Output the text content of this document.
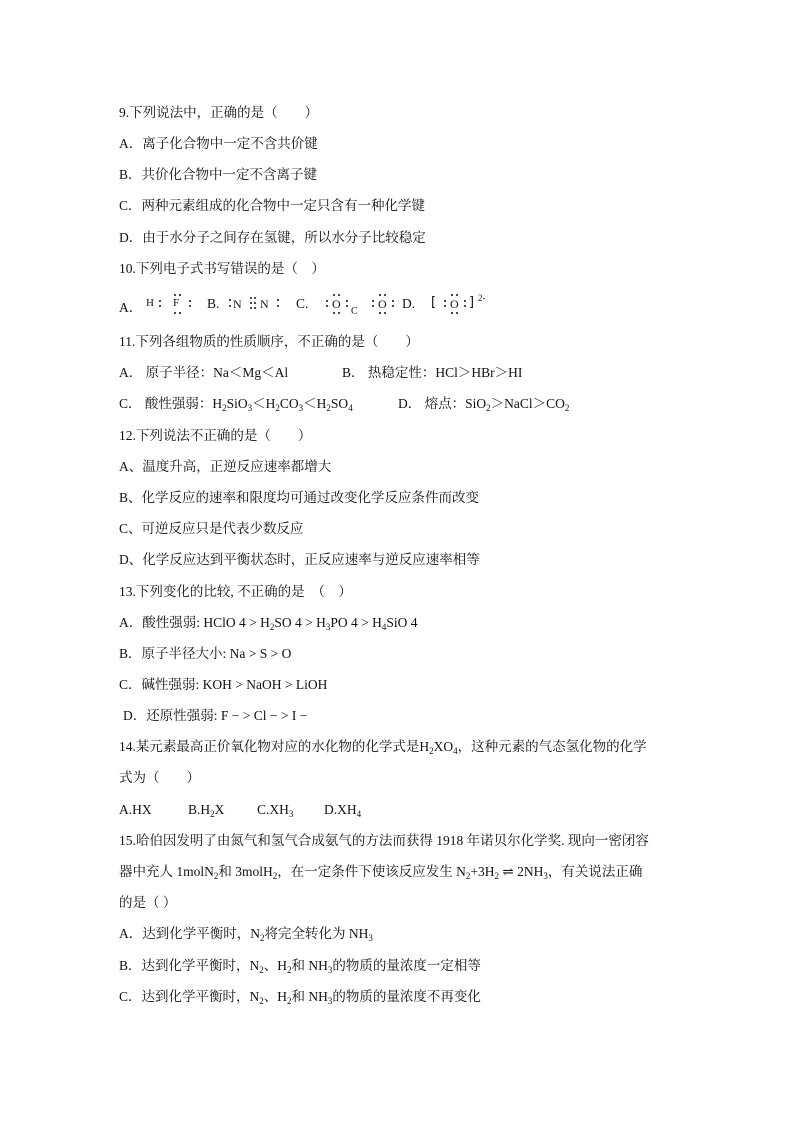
9.下列说法中，正确的是（　　）
A．离子化合物中一定不含共价键
B．共价化合物中一定不含离子键
C．两种元素组成的化合物中一定只含有一种化学键
D．由于水分子之间存在氢键，所以水分子比较稳定
10.下列电子式书写错误的是（　）
A． H F B. N N C. O
C
O D. [ O ] 2-
11.下列各组物质的性质顺序，不正确的是（　　）
A． 原子半径：Na＜Mg＜Al	B． 热稳定性：HCl＞HBr＞HI
C． 酸性强弱：$H_2SiO_3<H_2CO_3<H_2SO_4$	D． 熔点：$SiO_2>NaCl>CO_2$
12.下列说法不正确的是（　　）
A、温度升高，正逆反应速率都增大
B、化学反应的速率和限度均可通过改变化学反应条件而改变
C、可逆反应只是代表少数反应
D、化学反应达到平衡状态时，正反应速率与逆反应速率相等
13.下列变化的比较, 不正确的是　（　）
A．酸性强弱: HClO $4 > H_2SO$ $4 > H_3PO$ $4 > H_4SiO$ 4
B．原子半径大小: Na > S > O
C．碱性强弱: KOH > NaOH > LiOH
D．还原性强弱: F − > Cl − > I −
14.某元素最高正价氧化物对应的水化物的化学式是$H_2XO_4$，这种元素的气态氢化物的化学
式为（　　）
A.HX	$B.H_2X$ $C.XH_3$ $D.XH_4$
15.哈伯因发明了由氮气和氢气合成氨气的方法而获得 1918 年诺贝尔化学奖. 现向一密闭容
器中充人 1molN$_2$和 3molH$_2$，在一定条件下使该反应发生 $N_2+3H_2$ ⇌ $2NH_3$，有关说法正确
的是（ ）
A．达到化学平衡时，$N_2$将完全转化为 $NH_3$
B．达到化学平衡时，$N_2$、$H_2$和 $NH_3$的物质的量浓度一定相等
C．达到化学平衡时，$N_2$、$H_2$和 $NH_3$的物质的量浓度不再变化
